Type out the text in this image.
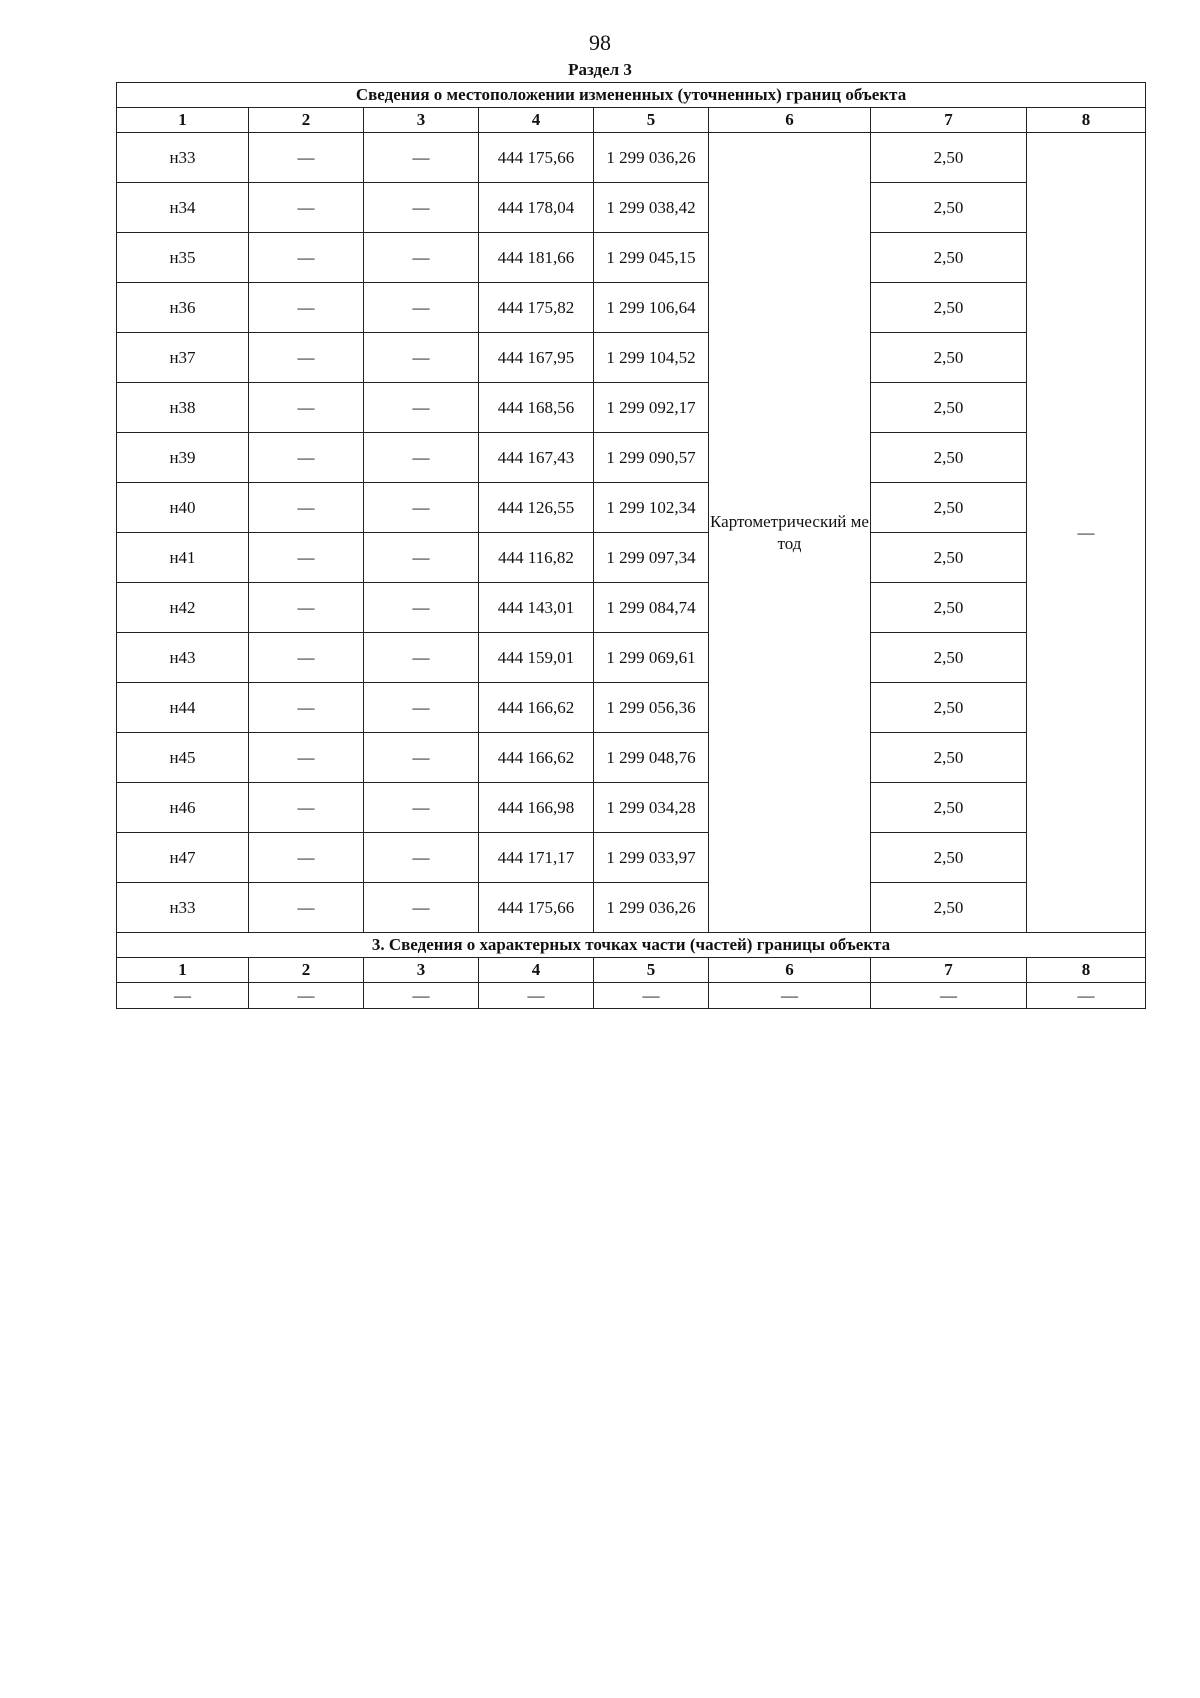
98
Раздел 3
Сведения о местоположении измененных (уточненных) границ объекта							
1	2	3	4	5	6	7	8
н33	—	—	444 175,66	1 299 036,26	Картометрический метод	2,50	—
н34	—	—	444 178,04	1 299 038,42		2,50	
н35	—	—	444 181,66	1 299 045,15		2,50	
н36	—	—	444 175,82	1 299 106,64		2,50	
н37	—	—	444 167,95	1 299 104,52		2,50	
н38	—	—	444 168,56	1 299 092,17		2,50	
н39	—	—	444 167,43	1 299 090,57		2,50	
н40	—	—	444 126,55	1 299 102,34		2,50	
н41	—	—	444 116,82	1 299 097,34		2,50	
н42	—	—	444 143,01	1 299 084,74		2,50	
н43	—	—	444 159,01	1 299 069,61		2,50	
н44	—	—	444 166,62	1 299 056,36		2,50	
н45	—	—	444 166,62	1 299 048,76		2,50	
н46	—	—	444 166,98	1 299 034,28		2,50	
н47	—	—	444 171,17	1 299 033,97		2,50	
н33	—	—	444 175,66	1 299 036,26		2,50	
3. Сведения о характерных точках части (частей) границы объекта							
1	2	3	4	5	6	7	8
—	—	—	—	—	—	—	—
